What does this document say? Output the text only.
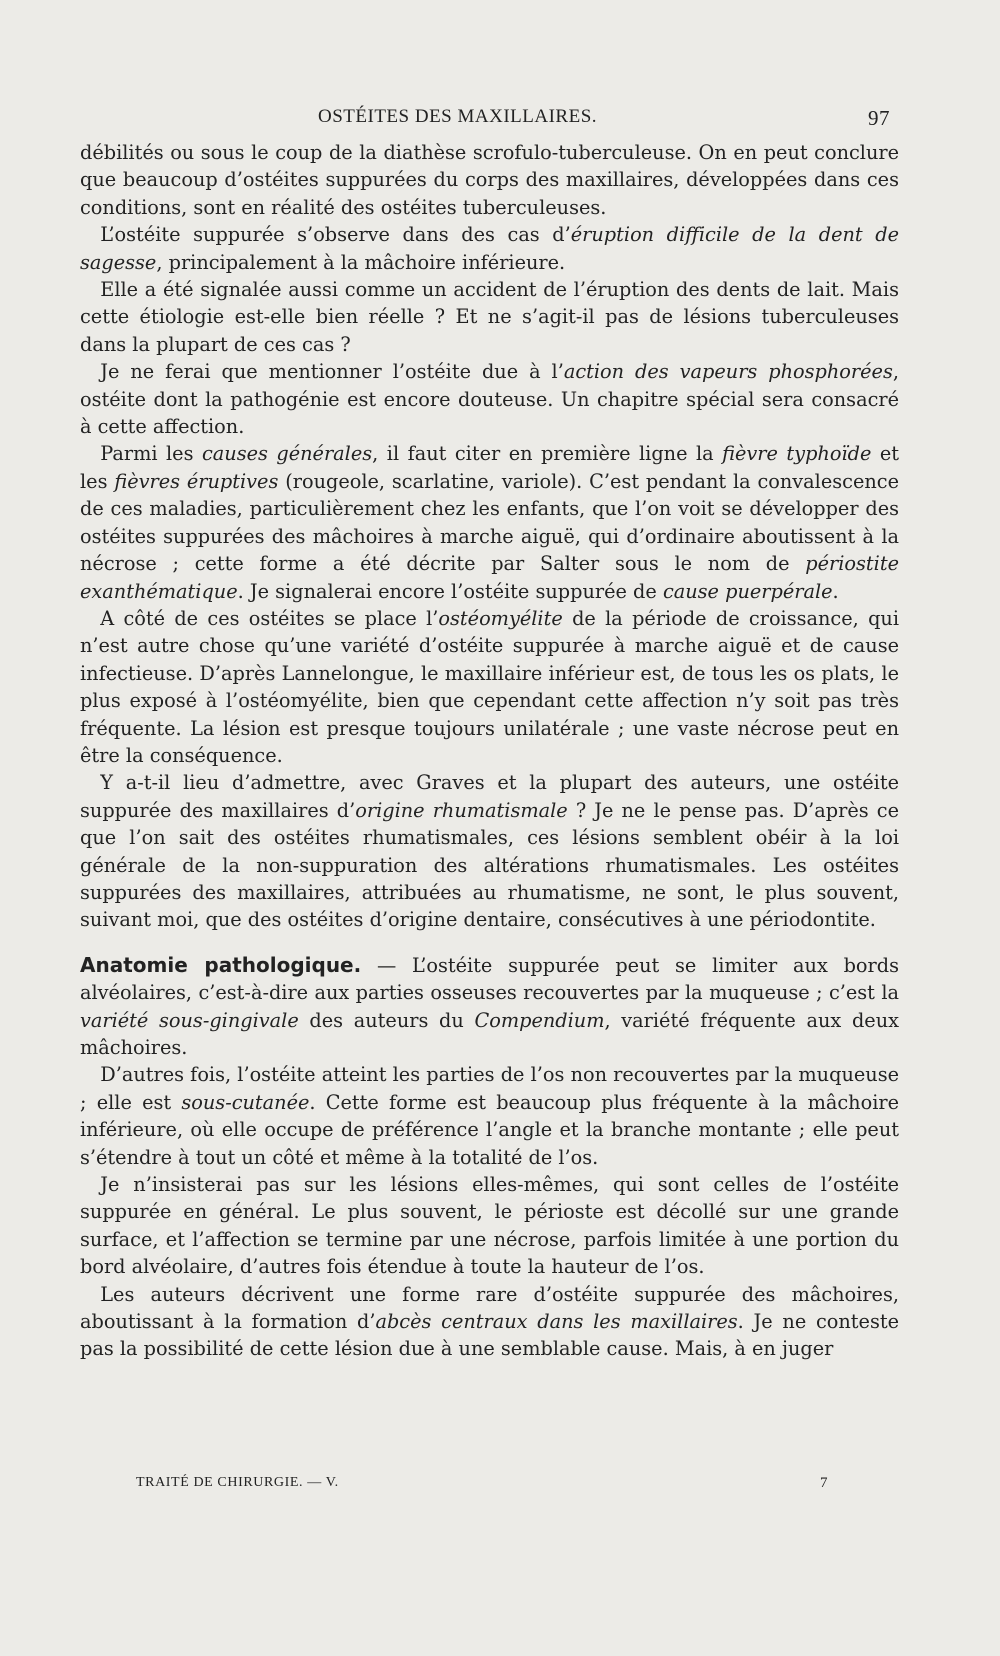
OSTÉITES DES MAXILLAIRES.	97

débilités ou sous le coup de la diathèse scrofulo-tuberculeuse. On en peut conclure que beaucoup d’ostéites suppurées du corps des maxillaires, développées dans ces conditions, sont en réalité des ostéites tuberculeuses.

L’ostéite suppurée s’observe dans des cas d’éruption difficile de la dent de sagesse, principalement à la mâchoire inférieure.

Elle a été signalée aussi comme un accident de l’éruption des dents de lait. Mais cette étiologie est-elle bien réelle ? Et ne s’agit-il pas de lésions tuberculeuses dans la plupart de ces cas ?

Je ne ferai que mentionner l’ostéite due à l’action des vapeurs phosphorées, ostéite dont la pathogénie est encore douteuse. Un chapitre spécial sera consacré à cette affection.

Parmi les causes générales, il faut citer en première ligne la fièvre typhoïde et les fièvres éruptives (rougeole, scarlatine, variole). C’est pendant la convalescence de ces maladies, particulièrement chez les enfants, que l’on voit se développer des ostéites suppurées des mâchoires à marche aiguë, qui d’ordinaire aboutissent à la nécrose ; cette forme a été décrite par Salter sous le nom de périostite exanthématique. Je signalerai encore l’ostéite suppurée de cause puerpérale.

A côté de ces ostéites se place l’ostéomyélite de la période de croissance, qui n’est autre chose qu’une variété d’ostéite suppurée à marche aiguë et de cause infectieuse. D’après Lannelongue, le maxillaire inférieur est, de tous les os plats, le plus exposé à l’ostéomyélite, bien que cependant cette affection n’y soit pas très fréquente. La lésion est presque toujours unilatérale ; une vaste nécrose peut en être la conséquence.

Y a-t-il lieu d’admettre, avec Graves et la plupart des auteurs, une ostéite suppurée des maxillaires d’origine rhumatismale ? Je ne le pense pas. D’après ce que l’on sait des ostéites rhumatismales, ces lésions semblent obéir à la loi générale de la non-suppuration des altérations rhumatismales. Les ostéites suppurées des maxillaires, attribuées au rhumatisme, ne sont, le plus souvent, suivant moi, que des ostéites d’origine dentaire, consécutives à une périodontite.

Anatomie pathologique. — L’ostéite suppurée peut se limiter aux bords alvéolaires, c’est-à-dire aux parties osseuses recouvertes par la muqueuse ; c’est la variété sous-gingivale des auteurs du Compendium, variété fréquente aux deux mâchoires.

D’autres fois, l’ostéite atteint les parties de l’os non recouvertes par la muqueuse ; elle est sous-cutanée. Cette forme est beaucoup plus fréquente à la mâchoire inférieure, où elle occupe de préférence l’angle et la branche montante ; elle peut s’étendre à tout un côté et même à la totalité de l’os.

Je n’insisterai pas sur les lésions elles-mêmes, qui sont celles de l’ostéite suppurée en général. Le plus souvent, le périoste est décollé sur une grande surface, et l’affection se termine par une nécrose, parfois limitée à une portion du bord alvéolaire, d’autres fois étendue à toute la hauteur de l’os.

Les auteurs décrivent une forme rare d’ostéite suppurée des mâchoires, aboutissant à la formation d’abcès centraux dans les maxillaires. Je ne conteste pas la possibilité de cette lésion due à une semblable cause. Mais, à en juger

TRAITÉ DE CHIRURGIE. — V.	7
